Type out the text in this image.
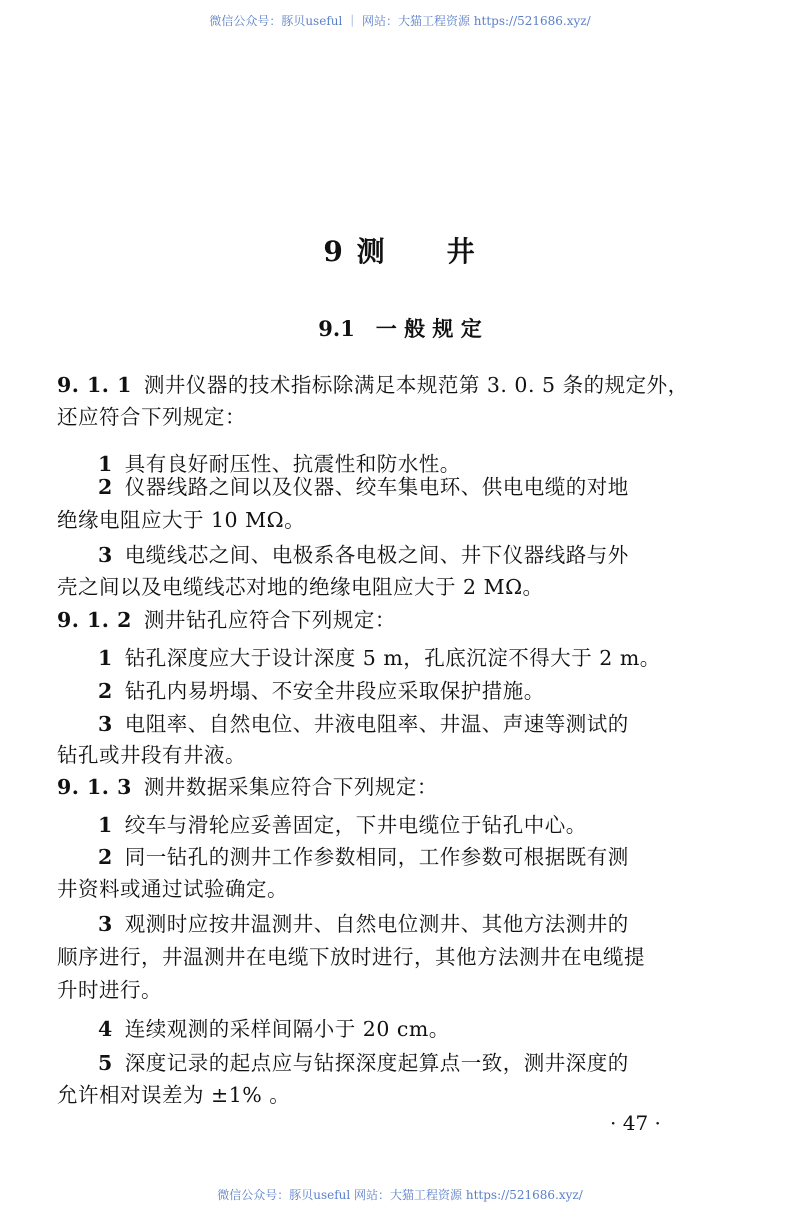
微信公众号：豚贝useful ｜ 网站：大猫工程资源 https://521686.xyz/
9 测　　井
9.1　一 般 规 定
9. 1. 1 测井仪器的技术指标除满足本规范第 3. 0. 5 条的规定外，
还应符合下列规定：
1 具有良好耐压性、抗震性和防水性。
2 仪器线路之间以及仪器、绞车集电环、供电电缆的对地
绝缘电阻应大于 10 MΩ。
3 电缆线芯之间、电极系各电极之间、井下仪器线路与外
壳之间以及电缆线芯对地的绝缘电阻应大于 2 MΩ。
9. 1. 2 测井钻孔应符合下列规定：
1 钻孔深度应大于设计深度 5 m，孔底沉淀不得大于 2 m。
2 钻孔内易坍塌、不安全井段应采取保护措施。
3 电阻率、自然电位、井液电阻率、井温、声速等测试的
钻孔或井段有井液。
9. 1. 3 测井数据采集应符合下列规定：
1 绞车与滑轮应妥善固定，下井电缆位于钻孔中心。
2 同一钻孔的测井工作参数相同，工作参数可根据既有测
井资料或通过试验确定。
3 观测时应按井温测井、自然电位测井、其他方法测井的
顺序进行，井温测井在电缆下放时进行，其他方法测井在电缆提
升时进行。
4 连续观测的采样间隔小于 20 cm。
5 深度记录的起点应与钻探深度起算点一致，测井深度的
允许相对误差为 ±1% 。
· 47 ·
微信公众号：豚贝useful 网站：大猫工程资源 https://521686.xyz/
